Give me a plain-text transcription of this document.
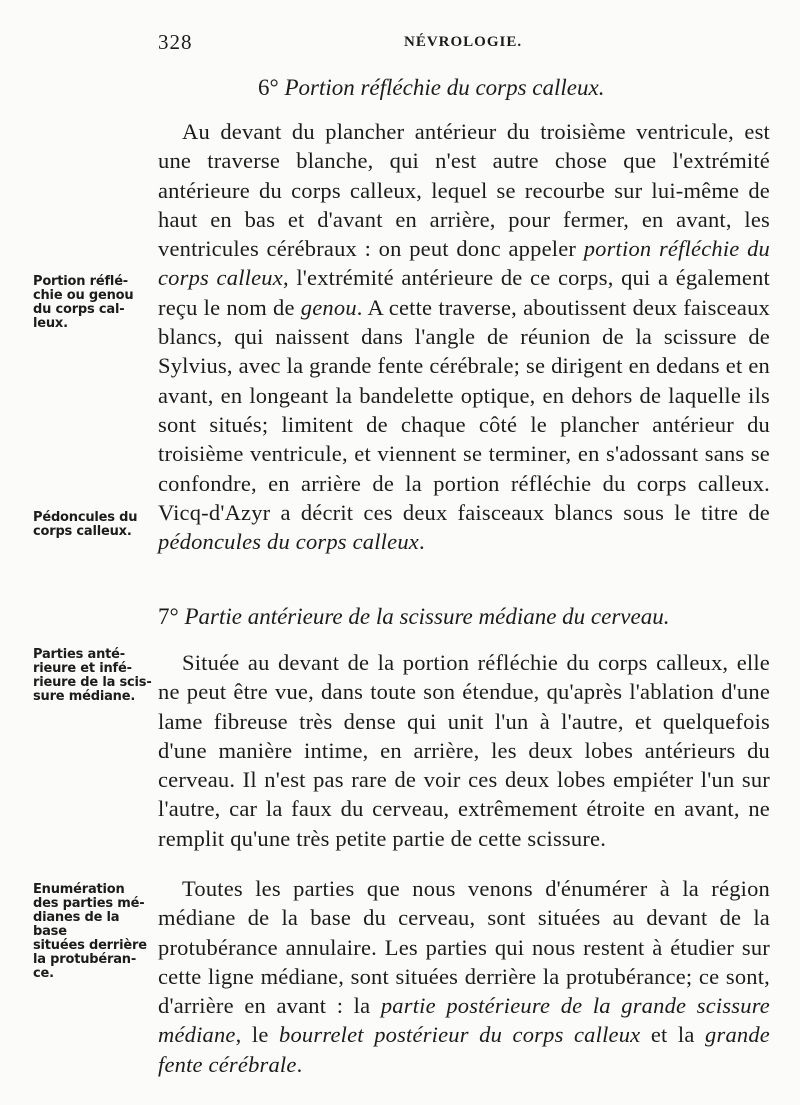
328	NÉVROLOGIE.
6° Portion réfléchie du corps calleux.
Au devant du plancher antérieur du troisième ventricule, est une traverse blanche, qui n'est autre chose que l'extrémité antérieure du corps calleux, lequel se recourbe sur lui-même de haut en bas et d'avant en arrière, pour fermer, en avant, les ventricules cérébraux : on peut donc appeler portion réfléchie du corps calleux, l'extrémité antérieure de ce corps, qui a également reçu le nom de genou. A cette traverse, aboutissent deux faisceaux blancs, qui naissent dans l'angle de réunion de la scissure de Sylvius, avec la grande fente cérébrale; se dirigent en dedans et en avant, en longeant la bandelette optique, en dehors de laquelle ils sont situés; limitent de chaque côté le plancher antérieur du troisième ventricule, et viennent se terminer, en s'adossant sans se confondre, en arrière de la portion réfléchie du corps calleux. Vicq-d'Azyr a décrit ces deux faisceaux blancs sous le titre de pédoncules du corps calleux.
Portion réflé-
chie ou genou
du corps cal-
leux.
Pédoncules du
corps calleux.
7° Partie antérieure de la scissure médiane du cerveau.
Parties anté-
rieure et infé-
rieure de la scis-
sure médiane.
Située au devant de la portion réfléchie du corps calleux, elle ne peut être vue, dans toute son étendue, qu'après l'ablation d'une lame fibreuse très dense qui unit l'un à l'autre, et quelquefois d'une manière intime, en arrière, les deux lobes antérieurs du cerveau. Il n'est pas rare de voir ces deux lobes empiéter l'un sur l'autre, car la faux du cerveau, extrêmement étroite en avant, ne remplit qu'une très petite partie de cette scissure.
Enumération
des parties mé-
dianes de la base
situées derrière
la protubéran-
ce.
Toutes les parties que nous venons d'énumérer à la région médiane de la base du cerveau, sont situées au devant de la protubérance annulaire. Les parties qui nous restent à étudier sur cette ligne médiane, sont situées derrière la protubérance; ce sont, d'arrière en avant : la partie postérieure de la grande scissure médiane, le bourrelet postérieur du corps calleux et la grande fente cérébrale.
